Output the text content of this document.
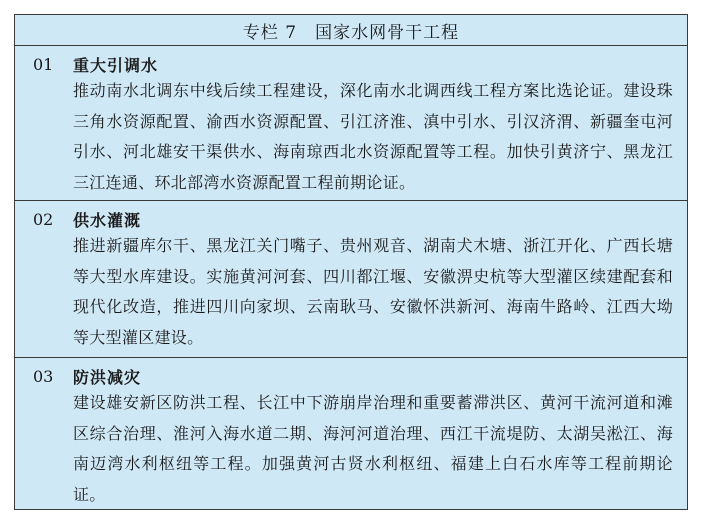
专栏 7　国家水网骨干工程
01	重大引调水
推动南水北调东中线后续工程建设，深化南水北调西线工程方案比选论证。建设珠三角水资源配置、渝西水资源配置、引江济淮、滇中引水、引汉济渭、新疆奎屯河引水、河北雄安干渠供水、海南琼西北水资源配置等工程。加快引黄济宁、黑龙江三江连通、环北部湾水资源配置工程前期论证。
02	供水灌溉
推进新疆库尔干、黑龙江关门嘴子、贵州观音、湖南犬木塘、浙江开化、广西长塘等大型水库建设。实施黄河河套、四川都江堰、安徽淠史杭等大型灌区续建配套和现代化改造，推进四川向家坝、云南耿马、安徽怀洪新河、海南牛路岭、江西大坳等大型灌区建设。
03	防洪减灾
建设雄安新区防洪工程、长江中下游崩岸治理和重要蓄滞洪区、黄河干流河道和滩区综合治理、淮河入海水道二期、海河河道治理、西江干流堤防、太湖吴淞江、海南迈湾水利枢纽等工程。加强黄河古贤水利枢纽、福建上白石水库等工程前期论证。
